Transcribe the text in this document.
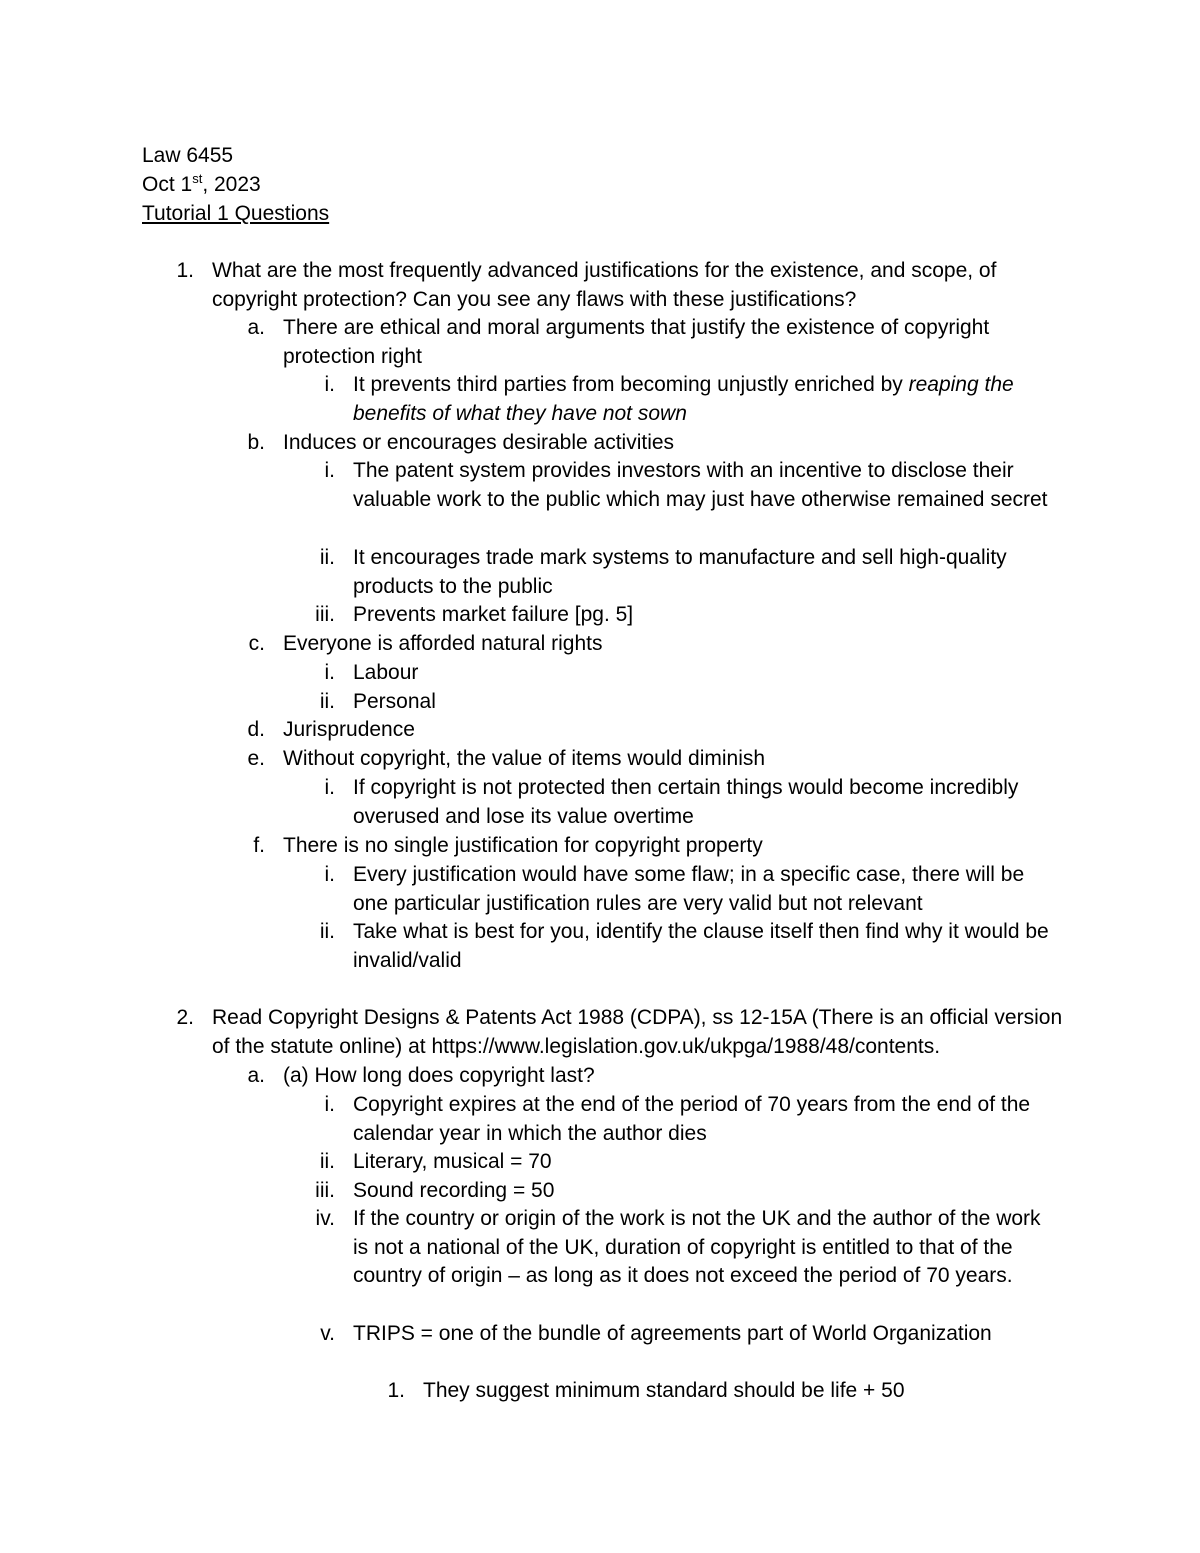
Law 6455
Oct 1st, 2023
Tutorial 1 Questions
1. What are the most frequently advanced justifications for the existence, and scope, of copyright protection? Can you see any flaws with these justifications?
a. There are ethical and moral arguments that justify the existence of copyright protection right
i. It prevents third parties from becoming unjustly enriched by reaping the benefits of what they have not sown
b. Induces or encourages desirable activities
i. The patent system provides investors with an incentive to disclose their valuable work to the public which may just have otherwise remained secret
ii. It encourages trade mark systems to manufacture and sell high-quality products to the public
iii. Prevents market failure [pg. 5]
c. Everyone is afforded natural rights
i. Labour
ii. Personal
d. Jurisprudence
e. Without copyright, the value of items would diminish
i. If copyright is not protected then certain things would become incredibly overused and lose its value overtime
f. There is no single justification for copyright property
i. Every justification would have some flaw; in a specific case, there will be one particular justification rules are very valid but not relevant
ii. Take what is best for you, identify the clause itself then find why it would be invalid/valid
2. Read Copyright Designs & Patents Act 1988 (CDPA), ss 12-15A (There is an official version of the statute online) at https://www.legislation.gov.uk/ukpga/1988/48/contents.
a. (a) How long does copyright last?
i. Copyright expires at the end of the period of 70 years from the end of the calendar year in which the author dies
ii. Literary, musical = 70
iii. Sound recording = 50
iv. If the country or origin of the work is not the UK and the author of the work is not a national of the UK, duration of copyright is entitled to that of the country of origin – as long as it does not exceed the period of 70 years.
v. TRIPS = one of the bundle of agreements part of World Organization
1. They suggest minimum standard should be life + 50
